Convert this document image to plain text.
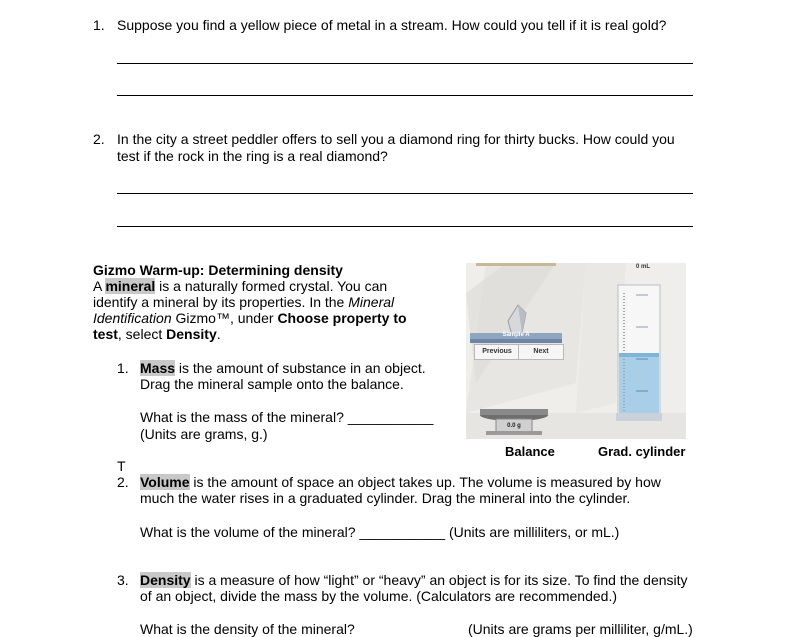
1. Suppose you find a yellow piece of metal in a stream. How could you tell if it is real gold?
2. In the city a street peddler offers to sell you a diamond ring for thirty bucks. How could you
test if the rock in the ring is a real diamond?
Gizmo Warm-up: Determining density
A mineral is a naturally formed crystal. You can
identify a mineral by its properties. In the Mineral
Identification Gizmo™, under Choose property to
test, select Density.
1. Mass is the amount of substance in an object.
Drag the mineral sample onto the balance.
What is the mass of the mineral? ___________
(Units are grams, g.)
0 mL
Sample A
Previous	Next
0.0 g
Balance	Grad. cylinder
T
2. Volume is the amount of space an object takes up. The volume is measured by how
much the water rises in a graduated cylinder. Drag the mineral into the cylinder.
What is the volume of the mineral? ___________ (Units are milliliters, or mL.)
3. Density is a measure of how “light” or “heavy” an object is for its size. To find the density
of an object, divide the mass by the volume. (Calculators are recommended.)
What is the density of the mineral?	(Units are grams per milliliter, g/mL.)
